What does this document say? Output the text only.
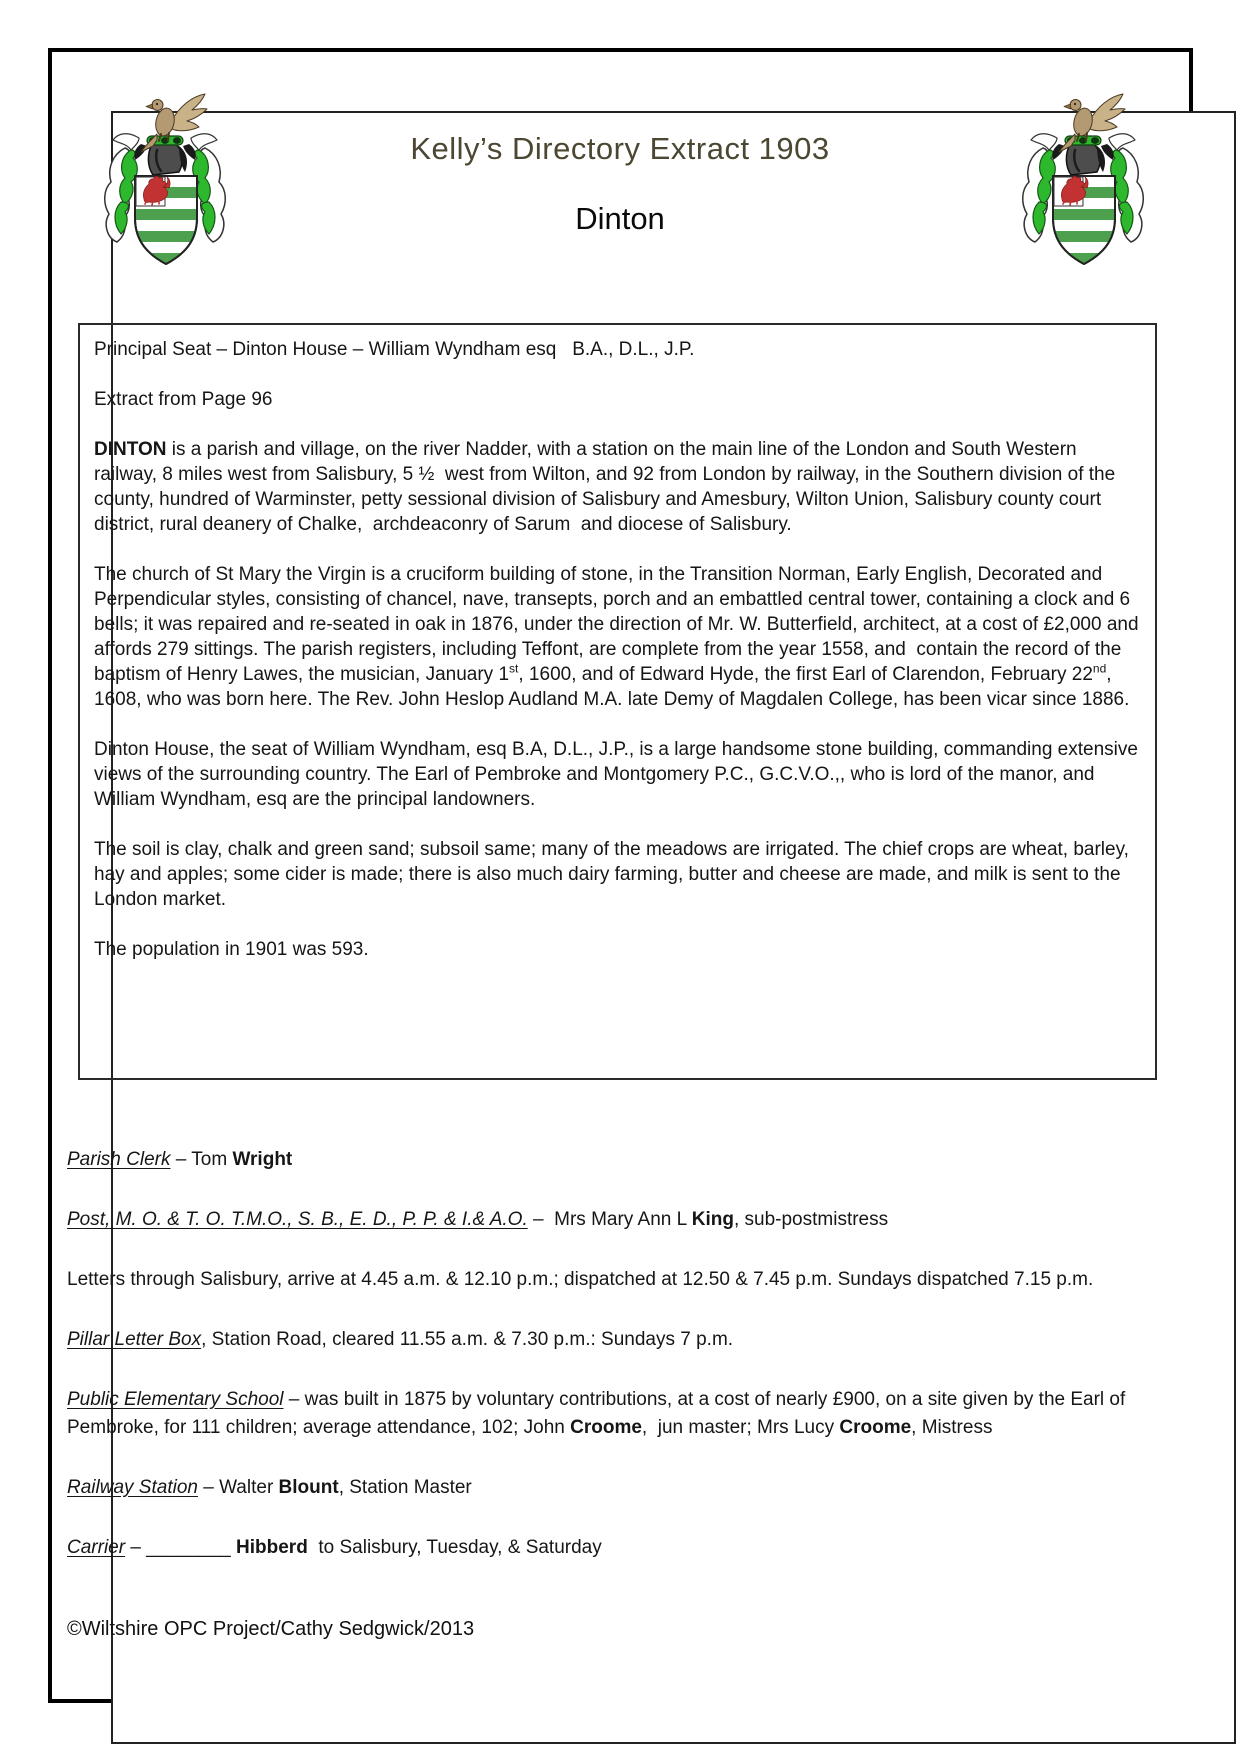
Kelly’s Directory Extract 1903
Dinton

Principal Seat – Dinton House – William Wyndham esq   B.A., D.L., J.P.

Extract from Page 96

DINTON is a parish and village, on the river Nadder, with a station on the main line of the London and South Western railway, 8 miles west from Salisbury, 5 ½  west from Wilton, and 92 from London by railway, in the Southern division of the county, hundred of Warminster, petty sessional division of Salisbury and Amesbury, Wilton Union, Salisbury county court district, rural deanery of Chalke,  archdeaconry of Sarum  and diocese of Salisbury.

The church of St Mary the Virgin is a cruciform building of stone, in the Transition Norman, Early English, Decorated and Perpendicular styles, consisting of chancel, nave, transepts, porch and an embattled central tower, containing a clock and 6 bells; it was repaired and re-seated in oak in 1876, under the direction of Mr. W. Butterfield, architect, at a cost of £2,000 and affords 279 sittings. The parish registers, including Teffont, are complete from the year 1558, and  contain the record of the baptism of Henry Lawes, the musician, January 1st, 1600, and of Edward Hyde, the first Earl of Clarendon, February 22nd, 1608, who was born here. The Rev. John Heslop Audland M.A. late Demy of Magdalen College, has been vicar since 1886.

Dinton House, the seat of William Wyndham, esq B.A, D.L., J.P., is a large handsome stone building, commanding extensive views of the surrounding country. The Earl of Pembroke and Montgomery P.C., G.C.V.O.,, who is lord of the manor, and William Wyndham, esq are the principal landowners.

The soil is clay, chalk and green sand; subsoil same; many of the meadows are irrigated. The chief crops are wheat, barley, hay and apples; some cider is made; there is also much dairy farming, butter and cheese are made, and milk is sent to the London market.

The population in 1901 was 593.

Parish Clerk – Tom Wright

Post, M. O. & T. O. T.M.O., S. B., E. D., P. P. & I.& A.O. –  Mrs Mary Ann L King, sub-postmistress

Letters through Salisbury, arrive at 4.45 a.m. & 12.10 p.m.; dispatched at 12.50 & 7.45 p.m. Sundays dispatched 7.15 p.m.

Pillar Letter Box, Station Road, cleared 11.55 a.m. & 7.30 p.m.: Sundays 7 p.m.

Public Elementary School – was built in 1875 by voluntary contributions, at a cost of nearly £900, on a site given by the Earl of Pembroke, for 111 children; average attendance, 102; John Croome,  jun master; Mrs Lucy Croome, Mistress

Railway Station – Walter Blount, Station Master

Carrier – ________ Hibberd  to Salisbury, Tuesday, & Saturday

©Wiltshire OPC Project/Cathy Sedgwick/2013
